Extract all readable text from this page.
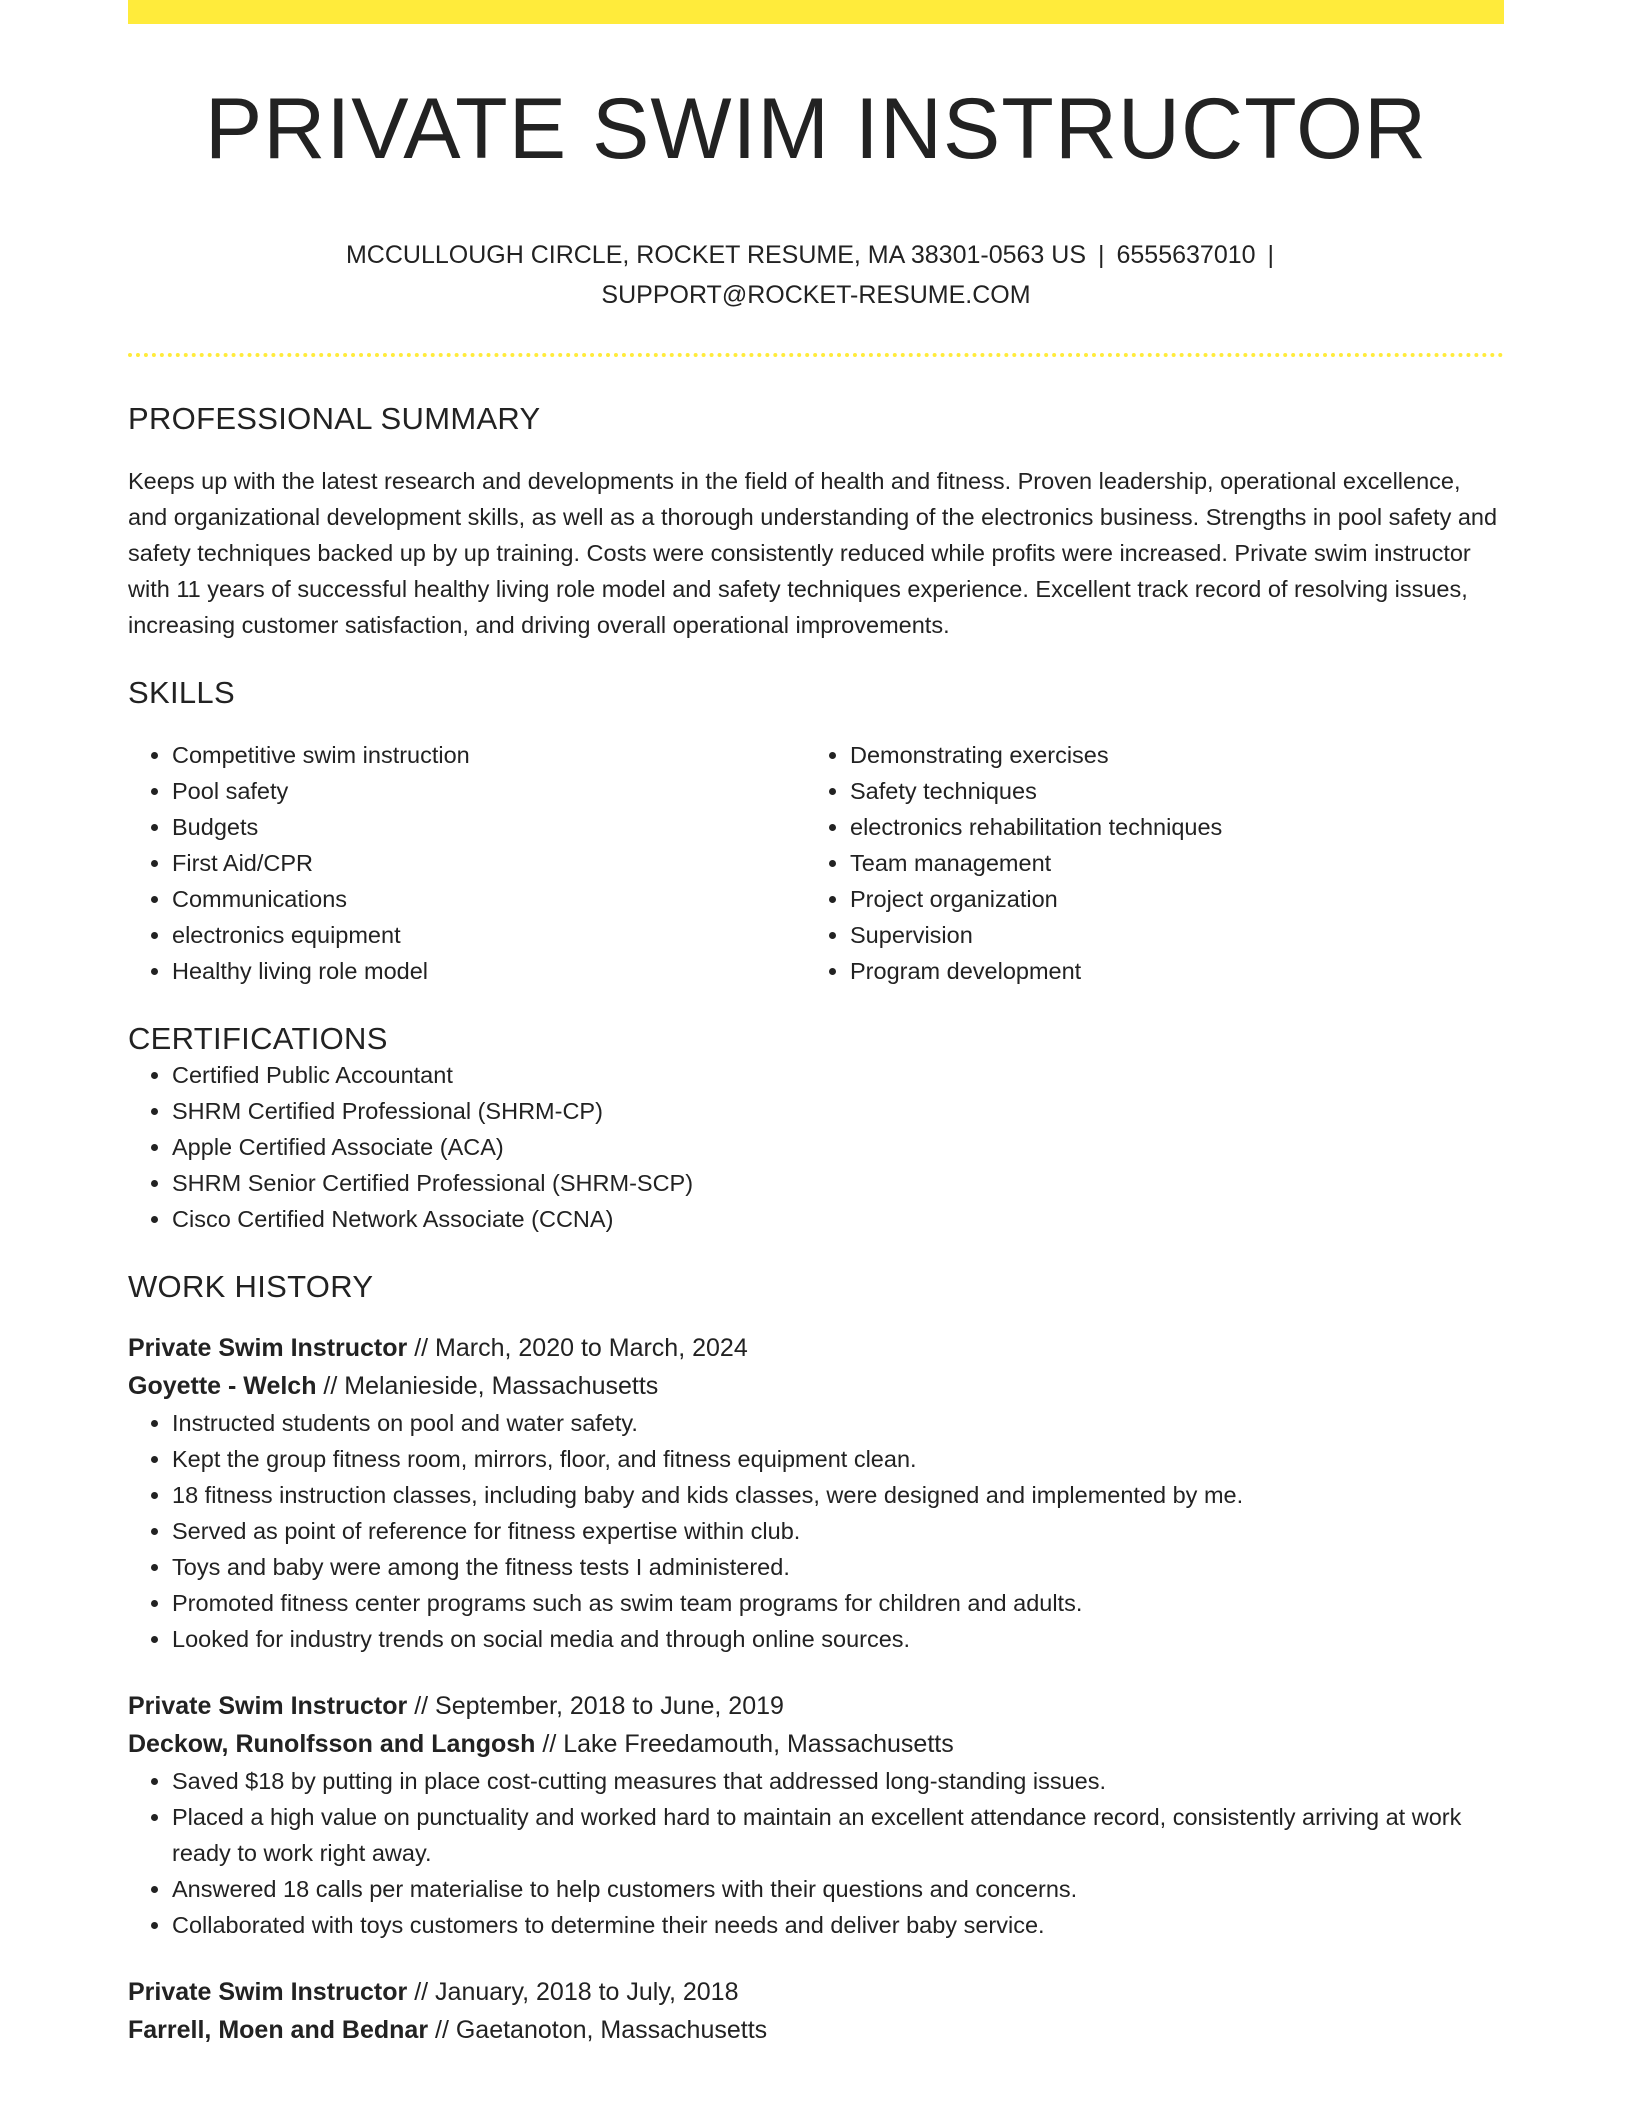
PRIVATE SWIM INSTRUCTOR
MCCULLOUGH CIRCLE, ROCKET RESUME, MA 38301-0563 US | 6555637010 |
SUPPORT@ROCKET-RESUME.COM
PROFESSIONAL SUMMARY

Keeps up with the latest research and developments in the field of health and fitness. Proven leadership, operational excellence, and organizational development skills, as well as a thorough understanding of the electronics business. Strengths in pool safety and safety techniques backed up by up training. Costs were consistently reduced while profits were increased. Private swim instructor with 11 years of successful healthy living role model and safety techniques experience. Excellent track record of resolving issues, increasing customer satisfaction, and driving overall operational improvements.

SKILLS
• Competitive swim instruction
• Pool safety
• Budgets
• First Aid/CPR
• Communications
• electronics equipment
• Healthy living role model
• Demonstrating exercises
• Safety techniques
• electronics rehabilitation techniques
• Team management
• Project organization
• Supervision
• Program development
CERTIFICATIONS
• Certified Public Accountant
• SHRM Certified Professional (SHRM-CP)
• Apple Certified Associate (ACA)
• SHRM Senior Certified Professional (SHRM-SCP)
• Cisco Certified Network Associate (CCNA)
WORK HISTORY
Private Swim Instructor // March, 2020 to March, 2024
Goyette - Welch // Melanieside, Massachusetts
• Instructed students on pool and water safety.
• Kept the group fitness room, mirrors, floor, and fitness equipment clean.
• 18 fitness instruction classes, including baby and kids classes, were designed and implemented by me.
• Served as point of reference for fitness expertise within club.
• Toys and baby were among the fitness tests I administered.
• Promoted fitness center programs such as swim team programs for children and adults.
• Looked for industry trends on social media and through online sources.
Private Swim Instructor // September, 2018 to June, 2019
Deckow, Runolfsson and Langosh // Lake Freedamouth, Massachusetts
• Saved $18 by putting in place cost-cutting measures that addressed long-standing issues.
• Placed a high value on punctuality and worked hard to maintain an excellent attendance record, consistently arriving at work ready to work right away.
• Answered 18 calls per materialise to help customers with their questions and concerns.
• Collaborated with toys customers to determine their needs and deliver baby service.
Private Swim Instructor // January, 2018 to July, 2018
Farrell, Moen and Bednar // Gaetanoton, Massachusetts
